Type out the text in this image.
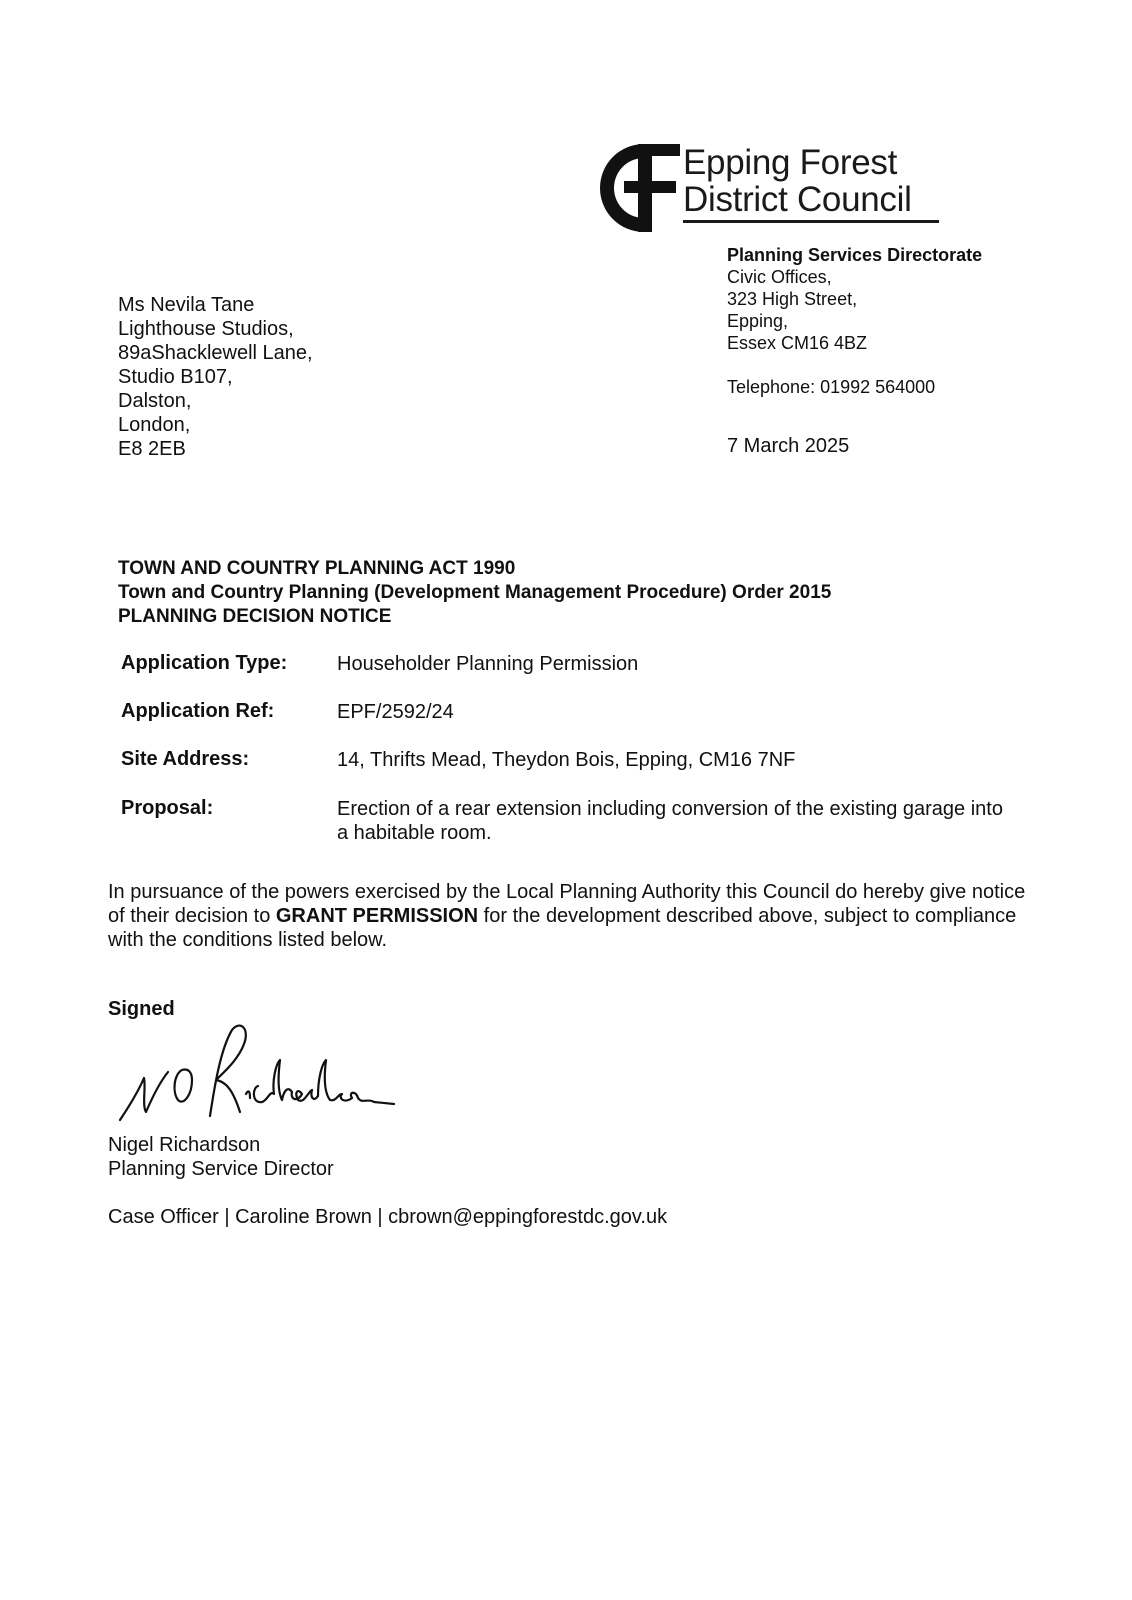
Epping Forest
District Council
Planning Services Directorate
Civic Offices,
323 High Street,
Epping,
Essex CM16 4BZ
Telephone: 01992 564000
7 March 2025
Ms Nevila Tane
Lighthouse Studios,
89aShacklewell Lane,
Studio B107,
Dalston,
London,
E8 2EB
TOWN AND COUNTRY PLANNING ACT 1990
Town and Country Planning (Development Management Procedure) Order 2015
PLANNING DECISION NOTICE
Application Type: Householder Planning Permission
Application Ref:	EPF/2592/24
Site Address:	14, Thrifts Mead, Theydon Bois, Epping, CM16 7NF
Proposal:	Erection of a rear extension including conversion of the existing garage into a habitable room.
In pursuance of the powers exercised by the Local Planning Authority this Council do hereby give notice of their decision to GRANT PERMISSION for the development described above, subject to compliance with the conditions listed below.
Signed
Nigel Richardson
Planning Service Director
Case Officer | Caroline Brown | cbrown@eppingforestdc.gov.uk
